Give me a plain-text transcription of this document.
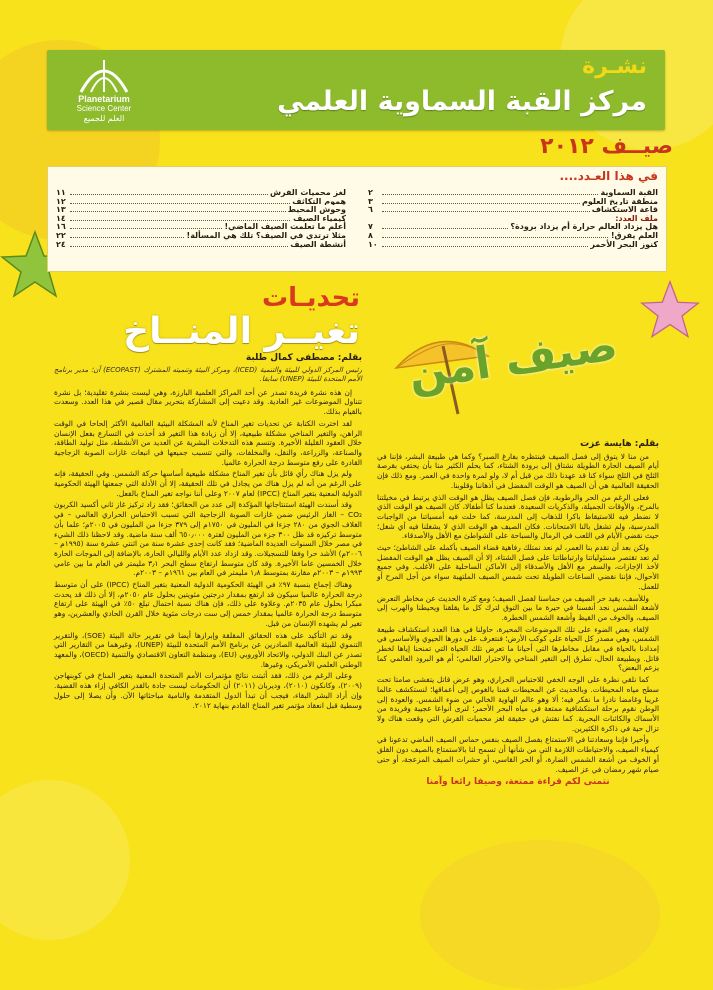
Planetarium
Science Center
العلم للجميع
نشـرة
مركز القبة السماوية العلمي
صيــف ٢٠١٢
في هذا العـدد....
القبة السماوية
٢
منطقة تاريخ العلوم
٣
قاعة الاستكشاف
٦
ملف العدد:
هل يزداد العالم حرارة أم يزداد برودة؟
٧
العلم يفرق!
٨
كنوز البحر الأحمر
١٠
لغز محميات الفرش
١١
هموم التكاثف
١٢
وحوش المحيط
١٣
كيمياء الصيف
١٤
أعلم ما تعلمت الصيف الماضي!
١٦
مثلا ترتدي في الصيف؟ تلك هي المسألة!
٢٢
أنشطة الصيف
٢٤
تحديـات
تغيــر المنــاخ صيف آمن
بقلم: مصطفى كمال طلبة
رئيس المركز الدولي للبيئة والتنمية (ICED)، ومركز البيئة وتنميته المشترك (ECOPAST) آن؛ مدير برنامج الأمم المتحدة للبيئة (UNEP) سابقا.

إن هذه نشرة فريدة تصدر عن أحد المراكز العلمية البارزة، وهي ليست بنشرة تقليدية؛ بل نشرة تتناول الموضوعات غير العادية. وقد دعيت إلى المشاركة بتحرير مقال قصير في هذا العدد. وسعدت بالقيام بذلك.

لقد اخترت الكتابة عن تحديات تغير المناخ لأنه المشكلة البيئية العالمية الأكثر إلحاحا في الوقت الراهن، والتغير المناخي مشكلة طبيعية، إلا أن زيادة هذا التغير قد أخذت في التسارع بفعل الإنسان خلال العقود القليلة الأخيرة. وتتسم هذه التدخلات البشرية عن العديد من الأنشطة، مثل توليد الطاقة، والصناعة، والزراعة، والنقل، والمخلفات، والتي تتسبب جميعها في انبعاث غازات الصوبة الزجاجية القادرة على رفع متوسط درجة الحرارة عالميا.

ولم يزل هناك رأي قائل بأن تغير المناخ مشكلة طبيعية أساسها حركة الشمس. وفي الحقيقة، فإنه على الرغم من أنه لم يزل هناك من يجادل في تلك الحقيقة، إلا أن الأدلة التي جمعتها الهيئة الحكومية الدولية المعنية بتغير المناخ (IPCC) لعام ٢٠٠٧ وعلى أننا نواجه تغير المناخ بالفعل.

وقد أسندت الهيئة استنتاجاتها المؤكدة إلى عدد من الحقائق؛ فقد زاد تركيز غاز ثاني أكسيد الكربون CO₂ – الغاز الرئيس ضمن غازات الصوبة الزجاجية التي تسبب الاحتباس الحراري العالمي – في الغلاف الجوي من ٢٨٠ جزءا في المليون في ١٧٥٠م إلى ٣٧٩ جزءا من المليون في ٢٠٠٥م؛ علما بأن متوسط تركيزه قد ظل ٣٠٠ جزء من المليون لفترة ٦٥٠٫٠٠٠ ألف سنة ماضية. وقد لاحظنا ذلك الشيء في مصر خلال السنوات العديدة الماضية؛ فقد كانت إحدى عشرة سنة من اثنتي عشرة سنة (١٩٩٥م – ٢٠٠٦م) الأشد حرا وفقا للتسجيلات. وقد ازداد عدد الأيام والليالي الحارة، بالإضافة إلى الموجات الحارة خلال الخمسين عاما الأخيرة. وقد كان متوسط ارتفاع سطح البحر ٣٫١ مليمتر في العام ما بين عامي ١٩٩٣م – ٢٠٠٣م مقارنة بمتوسط ١٫٨ مليمتر في العام بين ١٩٦١م – ٢٠٠٣م.

وهناك إجماع بنسبة ٩٧٪ في الهيئة الحكومية الدولية المعنية بتغير المناخ (IPCC) على أن متوسط درجة الحرارة عالميا سيكون قد ارتفع بمقدار درجتين مئويتين بحلول عام ٢٠٥٠م، إلا أن ذلك قد يحدث مبكرا بحلول عام ٢٠٣٥م. وعلاوة على ذلك، فإن هناك نسبة احتمال تبلغ ٥٠٪ في الهيئة على ارتفاع متوسط درجة الحرارة عالميا بمقدار خمس إلى ست درجات مئوية خلال القرن الحادي والعشرين، وهو تغير لم يشهده الإنسان من قبل.

وقد تم التأكيد على هذه الحقائق المقلقة وإبرازها أيضا في تقرير حالة البيئة (SOE)، والتقرير التنموي للبيئة العالمية الصادرين عن برنامج الأمم المتحدة للبيئة (UNEP)، وغيرهما من التقارير التي تصدر عن البنك الدولي، والاتحاد الأوروبي (EU)، ومنظمة التعاون الاقتصادي والتنمية (OECD)، والمعهد الوطني العلمي الأمريكي، وغيرها.

وعلى الرغم من ذلك، فقد أثبتت نتائج مؤتمرات الأمم المتحدة المعنية بتغير المناخ في كوبنهاجن (٢٠٠٩)، وكانكون (٢٠١٠)، وديربان (٢٠١١) أن الحكومات ليست جادة بالقدر الكافي إزاء هذه القضية. وإن أراد البشر البقاء، فيجب أن تبدأ الدول المتقدمة والنامية مباحثاتها الآن. وأن يصلا إلى حلول وسطية قبل انعقاد مؤتمر تغير المناخ القادم بنهاية ٢٠١٢.

بقلم: هايسة عزت

من منا لا يتوق إلى فصل الصيف فينتظره بفارغ الصبر؟ وكما هي طبيعة البشر، فإننا في أيام الصيف الحارة الطويلة نشتاق إلى برودة الشتاء، كما يحلم الكثير منا بأن يحتفي بقرصة الثلج في الثلج سواء كنا قد عهدنا ذلك من قبل أم لا، ولو لمرة واحدة في العمر. ومع ذلك فإن الحقيقة العالمية هي أن الصيف هو الوقت المفضل في أذهاننا وقلوبنا.

فعلى الرغم من الحر والرطوبة، فإن فصل الصيف يظل هو الوقت الذي يرتبط في مخيلتنا بالمرح، والأوقات الجميلة، والذكريات السعيدة. فعندما كنا أطفالا، كان الصيف هو الوقت الذي لا نضطر فيه للاستيقاظ باكرا للذهاب إلى المدرسة، كما خلت فيه أمسياتنا من الواجبات المدرسية، ولم تشغل بالنا الامتحانات. فكان الصيف هو الوقت الذي لا يشغلنا فيه أي شغل؛ حيث نقضي الأيام في اللعب في الرمال والسباحة على الشواطئ مع الأهل والأصدقاء.

ولكن بعد أن تقدم بنا العمر، لم نعد نمتلك رفاهية قضاء الصيف بأكمله على الشاطئ؛ حيث لم تعد تقتصر مسئولياتنا وارتباطاتنا على فصل الشتاء، إلا أن الصيف يظل هو الوقت المفضل لأخذ الإجازات، والسفر مع الأهل والأصدقاء إلى الأماكن الساحلية على الأغلب. وفي جميع الأحوال، فإننا نقضي الساعات الطويلة تحت شمس الصيف الملتهبة سواء من أجل المرح أو للعمل.

وللأسف، يقيد حر الصيف من حماسنا لفصل الصيف؛ ومع كثرة الحديث عن مخاطر التعرض لأشعة الشمس نجد أنفسنا في حيرة ما بين التوق لترك كل ما يقلقنا ويحيطنا والهرب إلى الصيف، والخوف من القيظ وأشعة الشمس الخطرة.

لإلقاء بعض الضوء على تلك الموضوعات المحيرة، حاولنا في هذا العدد استكشاف طبيعة الشمس، وهي مصدر كل الحياة على كوكب الأرض؛ فنتعرف على دورها الحيوي والأساسي في إمدادنا بالحياة في مقابل مخاطرها التي أحيانا ما تعرض تلك الحياة التي تمنحنا إياها لخطر قاتل. وبطبيعة الحال، تطرق إلى التغير المناخي والاحترار العالمي؛ أم هو البرود العالمي كما يزعم البعض؟

كما نلقي نظرة على الوجه الخفي للاحتباس الحراري، وهو عرض قاتل يتفشى صامتا تحت سطح مياه المحيطات. وبالحديث عن المحيطات قمنا بالغوص إلى أعماقها؛ لنستكشف عالما غريبا وغامضا نادرا ما نفكر فيه؛ ألا وهو عالم الهاوية الخالي من ضوء الشمس. والعودة إلى الوطن نقوم برحلة استكشافية ممتعة في مياه البحر الأحمر؛ لنرى أنواعا عجيبة وفريدة من الأسماك والكائنات البحرية. كما نفتش في حقيقة لغز محميات القرش التي وقعت هناك ولا تزال حية في ذاكرة الكثيرين.

وأخيرا فإننا وسعادتنا في الاستمتاع بفصل الصيف بنفس حماس الصيف الماضي تدعونا في كيمياء الصيف، والاحتياطات اللازمة التي من شأنها أن تسمح لنا بالاستمتاع بالصيف دون القلق أو الخوف من أشعة الشمس الضارة، أو الحر القاسي، أو حشرات الصيف المزعجة، أو حتى صيام شهر رمضان في عز الصيف.

نتمنى لكم قراءة ممتعة، وصيفا رائعا وآمنا
